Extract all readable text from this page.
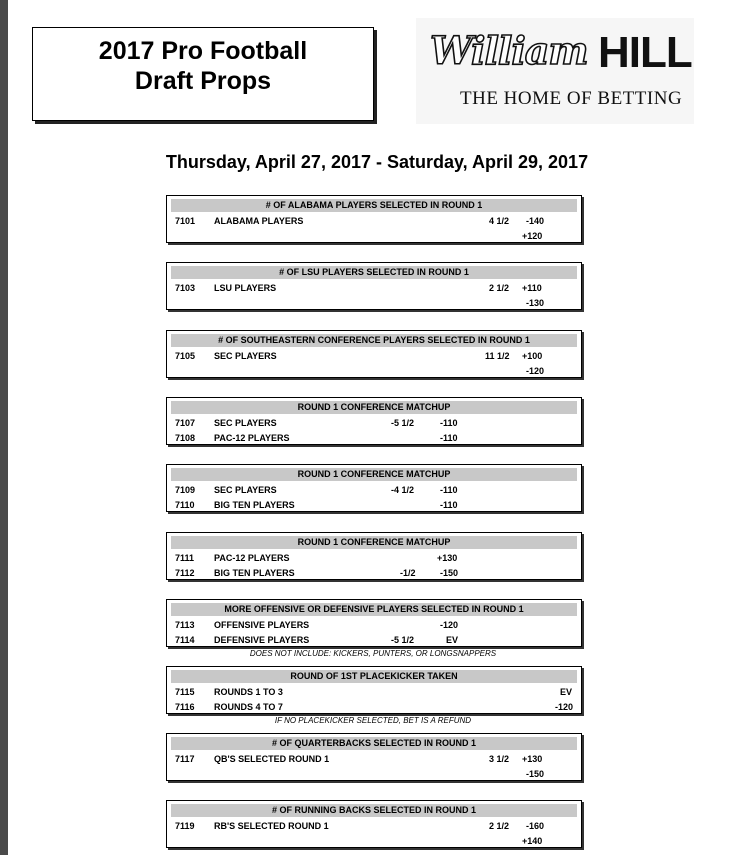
2017 Pro Football
Draft Props
William HILL
THE HOME OF BETTING
Thursday, April 27, 2017 - Saturday, April 29, 2017
# OF ALABAMA PLAYERS SELECTED IN ROUND 1
7101 ALABAMA PLAYERS	4 1/2 -140
+120
# OF LSU PLAYERS SELECTED IN ROUND 1
7103 LSU PLAYERS	2 1/2 +110
-130
# OF SOUTHEASTERN CONFERENCE PLAYERS SELECTED IN ROUND 1
7105 SEC PLAYERS	11 1/2 +100
-120
ROUND 1 CONFERENCE MATCHUP
7107 SEC PLAYERS	-5 1/2	-110
7108 PAC-12 PLAYERS	-110
ROUND 1 CONFERENCE MATCHUP
7109 SEC PLAYERS	-4 1/2	-110
7110 BIG TEN PLAYERS	-110
ROUND 1 CONFERENCE MATCHUP
7111 PAC-12 PLAYERS	+130
7112 BIG TEN PLAYERS	-1/2	-150
MORE OFFENSIVE OR DEFENSIVE PLAYERS SELECTED IN ROUND 1
7113 OFFENSIVE PLAYERS	-120
7114 DEFENSIVE PLAYERS	-5 1/2	EV
DOES NOT INCLUDE: KICKERS, PUNTERS, OR LONGSNAPPERS
ROUND OF 1ST PLACEKICKER TAKEN
7115 ROUNDS 1 TO 3	EV
7116 ROUNDS 4 TO 7	-120
IF NO PLACEKICKER SELECTED, BET IS A REFUND
# OF QUARTERBACKS SELECTED IN ROUND 1
7117 QB'S SELECTED ROUND 1	3 1/2 +130
-150
# OF RUNNING BACKS SELECTED IN ROUND 1
7119 RB'S SELECTED ROUND 1	2 1/2 -160
+140
